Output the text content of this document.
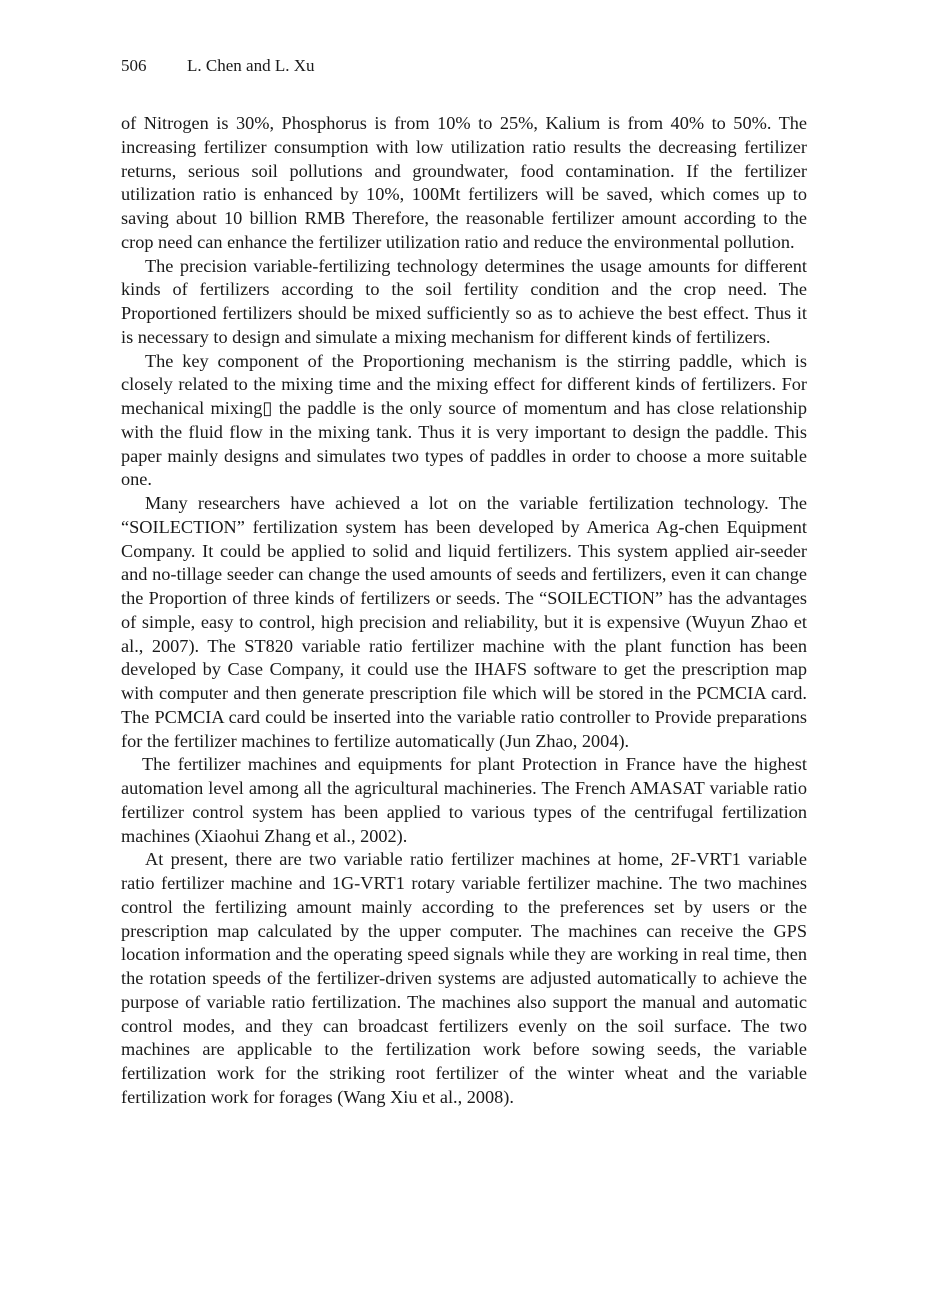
506 L. Chen and L. Xu

of Nitrogen is 30%, Phosphorus is from 10% to 25%, Kalium is from 40% to 50%. The increasing fertilizer consumption with low utilization ratio results the decreasing fertilizer returns, serious soil pollutions and groundwater, food contamination. If the fertilizer utilization ratio is enhanced by 10%, 100Mt fertilizers will be saved, which comes up to saving about 10 billion RMB Therefore, the reasonable fertilizer amount according to the crop need can enhance the fertilizer utilization ratio and reduce the environmental pollution.

The precision variable-fertilizing technology determines the usage amounts for different kinds of fertilizers according to the soil fertility condition and the crop need. The Proportioned fertilizers should be mixed sufficiently so as to achieve the best effect. Thus it is necessary to design and simulate a mixing mechanism for different kinds of fertilizers.

The key component of the Proportioning mechanism is the stirring paddle, which is closely related to the mixing time and the mixing effect for different kinds of fertilizers. For mechanical mixing▯ the paddle is the only source of momentum and has close relationship with the fluid flow in the mixing tank. Thus it is very important to design the paddle. This paper mainly designs and simulates two types of paddles in order to choose a more suitable one.

Many researchers have achieved a lot on the variable fertilization technology. The “SOILECTION” fertilization system has been developed by America Ag-chen Equipment Company. It could be applied to solid and liquid fertilizers. This system applied air-seeder and no-tillage seeder can change the used amounts of seeds and fertilizers, even it can change the Proportion of three kinds of fertilizers or seeds. The “SOILECTION” has the advantages of simple, easy to control, high precision and reliability, but it is expensive (Wuyun Zhao et al., 2007). The ST820 variable ratio fertilizer machine with the plant function has been developed by Case Company, it could use the IHAFS software to get the prescription map with computer and then generate prescription file which will be stored in the PCMCIA card. The PCMCIA card could be inserted into the variable ratio controller to Provide preparations for the fertilizer machines to fertilize automatically (Jun Zhao, 2004).

The fertilizer machines and equipments for plant Protection in France have the highest automation level among all the agricultural machineries. The French AMASAT variable ratio fertilizer control system has been applied to various types of the centrifugal fertilization machines (Xiaohui Zhang et al., 2002).

At present, there are two variable ratio fertilizer machines at home, 2F-VRT1 variable ratio fertilizer machine and 1G-VRT1 rotary variable fertilizer machine. The two machines control the fertilizing amount mainly according to the preferences set by users or the prescription map calculated by the upper computer. The machines can receive the GPS location information and the operating speed signals while they are working in real time, then the rotation speeds of the fertilizer-driven systems are adjusted automatically to achieve the purpose of variable ratio fertilization. The machines also support the manual and automatic control modes, and they can broadcast fertilizers evenly on the soil surface. The two machines are applicable to the fertilization work before sowing seeds, the variable fertilization work for the striking root fertilizer of the winter wheat and the variable fertilization work for forages (Wang Xiu et al., 2008).
